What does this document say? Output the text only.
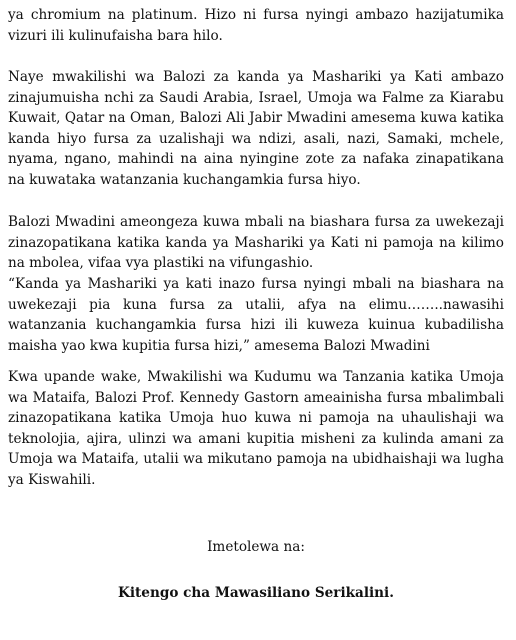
ya chromium na platinum. Hizo ni fursa nyingi ambazo hazijatumika vizuri ili kulinufaisha bara hilo.

Naye mwakilishi wa Balozi za kanda ya Mashariki ya Kati ambazo zinajumuisha nchi za Saudi Arabia, Israel, Umoja wa Falme za Kiarabu Kuwait, Qatar na Oman, Balozi Ali Jabir Mwadini amesema kuwa katika kanda hiyo fursa za uzalishaji wa ndizi, asali, nazi, Samaki, mchele, nyama, ngano, mahindi na aina nyingine zote za nafaka zinapatikana na kuwataka watanzania kuchangamkia fursa hiyo.

Balozi Mwadini ameongeza kuwa mbali na biashara fursa za uwekezaji zinazopatikana katika kanda ya Mashariki ya Kati ni pamoja na kilimo na mbolea, vifaa vya plastiki na vifungashio.

“Kanda ya Mashariki ya kati inazo fursa nyingi mbali na biashara na uwekezaji pia kuna fursa za utalii, afya na elimu……..nawasihi watanzania kuchangamkia fursa hizi ili kuweza kuinua kubadilisha maisha yao kwa kupitia fursa hizi,” amesema Balozi Mwadini

Kwa upande wake, Mwakilishi wa Kudumu wa Tanzania katika Umoja wa Mataifa, Balozi Prof. Kennedy Gastorn ameainisha fursa mbalimbali zinazopatikana katika Umoja huo kuwa ni pamoja na uhaulishaji wa teknolojia, ajira, ulinzi wa amani kupitia misheni za kulinda amani za Umoja wa Mataifa, utalii wa mikutano pamoja na ubidhaishaji wa lugha ya Kiswahili.

Imetolewa na:

Kitengo cha Mawasiliano Serikalini.
